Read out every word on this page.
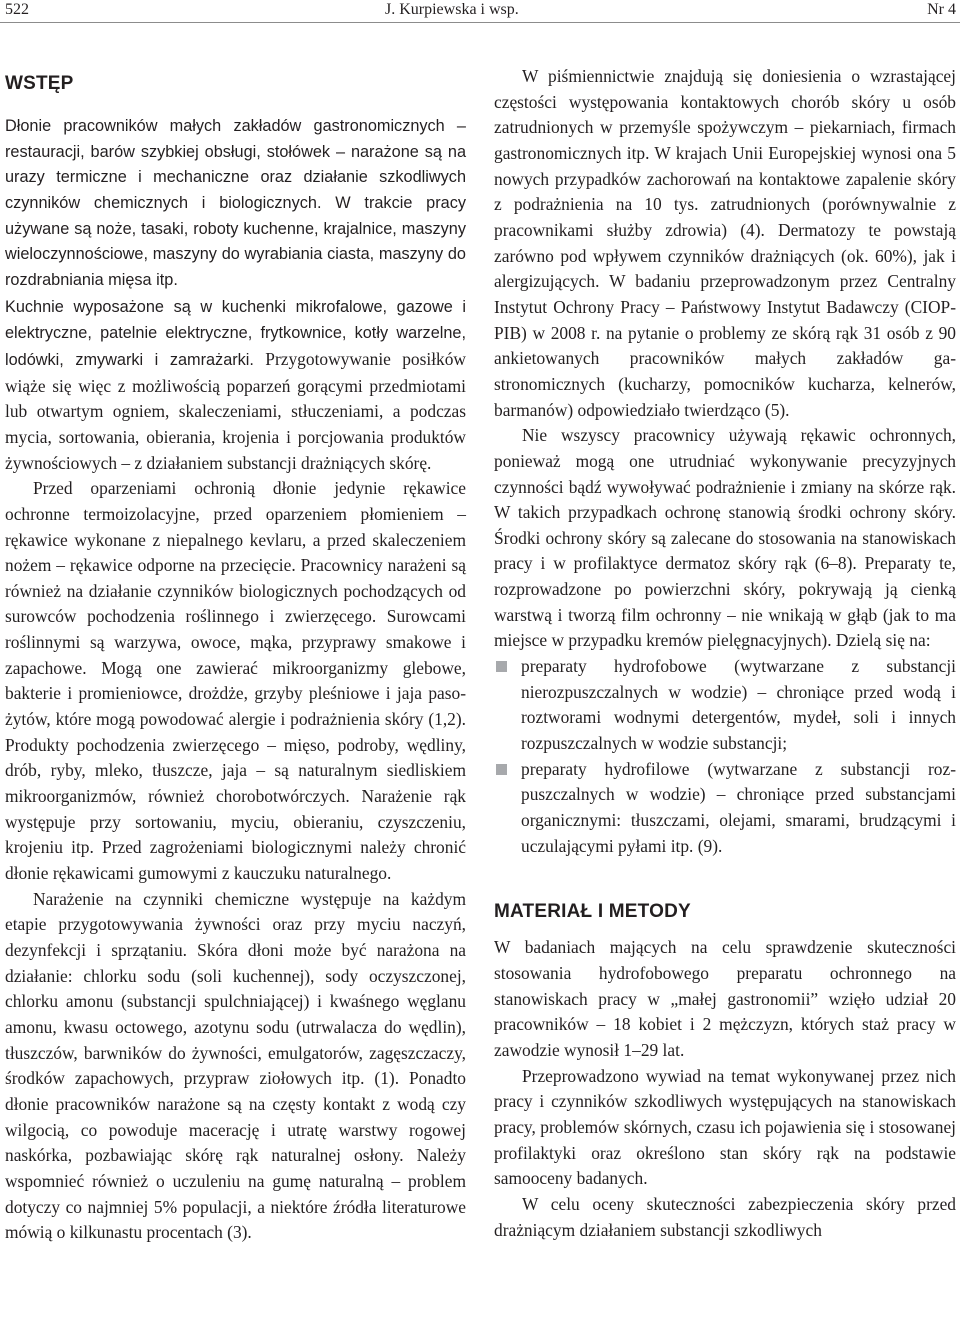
522	J. Kurpiewska i wsp.	Nr 4
WSTĘP

Dłonie pracowników małych zakładów gastronomicznych – restauracji, barów szybkiej obsługi, stołówek – narażone są na urazy termiczne i mechaniczne oraz działanie szkodliwych czynników chemicznych i biologicznych. W trakcie pracy używane są noże, tasaki, roboty kuchenne, krajalnice, maszyny wieloczynnościowe, maszyny do wyrabiania ciasta, maszyny do rozdrabniania mięsa itp.

Kuchnie wyposażone są w kuchenki mikrofalowe, gazowe i elektryczne, patelnie elektryczne, frytkownice, kotły warzelne, lodówki, zmywarki i zamrażarki. Przygotowywanie posiłków wiąże się więc z możliwością poparzeń gorącymi przedmiotami lub otwartym ogniem, skaleczeniami, stłuczeniami, a podczas mycia, sortowania, obierania, krojenia i porcjowania produktów żywnościowych – z działaniem substancji drażniących skórę.

Przed oparzeniami ochronią dłonie jedynie rękawice ochronne termoizolacyjne, przed oparzeniem płomieniem – rękawice wykonane z niepalnego kevlaru, a przed skaleczeniem nożem – rękawice odporne na przecięcie. Pracownicy narażeni są również na działanie czynników biologicznych pochodzących od surowców pochodzenia roślinnego i zwierzęcego. Surowcami roślinnymi są warzywa, owoce, mąka, przyprawy smakowe i zapachowe. Mogą one zawierać mikroorganizmy glebowe, bakterie i promieniowce, drożdże, grzyby pleśniowe i jaja pasożytów, które mogą powodować alergie i podrażnienia skóry (1,2). Produkty pochodzenia zwierzęcego – mięso, podroby, wędliny, drób, ryby, mleko, tłuszcze, jaja – są naturalnym siedliskiem mikroorganizmów, również chorobotwórczych. Narażenie rąk występuje przy sortowaniu, myciu, obieraniu, czyszczeniu, krojeniu itp. Przed zagrożeniami biologicznymi należy chronić dłonie rękawicami gumowymi z kauczuku naturalnego.

Narażenie na czynniki chemiczne występuje na każdym etapie przygotowywania żywności oraz przy myciu naczyń, dezynfekcji i sprzątaniu. Skóra dłoni może być narażona na działanie: chlorku sodu (soli kuchennej), sody oczyszczonej, chlorku amonu (substancji spulchniającej) i kwaśnego węglanu amonu, kwasu octowego, azotynu sodu (utrwalacza do wędlin), tłuszczów, barwników do żywności, emulgatorów, zagęszczaczy, środków zapachowych, przypraw ziołowych itp. (1). Ponadto dłonie pracowników narażone są na częsty kontakt z wodą czy wilgocią, co powoduje macerację i utratę warstwy rogowej naskórka, pozbawiając skórę rąk naturalnej osłony. Należy wspomnieć również o uczuleniu na gumę naturalną – problem dotyczy co najmniej 5% populacji, a niektóre źródła literaturowe mówią o kilkunastu procentach (3).

W piśmiennictwie znajdują się doniesienia o wzrastającej częstości występowania kontaktowych chorób skóry u osób zatrudnionych w przemyśle spożywczym – piekarniach, firmach gastronomicznych itp. W krajach Unii Europejskiej wynosi ona 5 nowych przypadków zachorowań na kontaktowe zapalenie skóry z podrażnienia na 10 tys. zatrudnionych (porównywalnie z pracownikami służby zdrowia) (4). Dermatozy te powstają zarówno pod wpływem czynników drażniących (ok. 60%), jak i alergizujących. W badaniu przeprowadzonym przez Centralny Instytut Ochrony Pracy – Państwowy Instytut Badawczy (CIOP-PIB) w 2008 r. na pytanie o problemy ze skórą rąk 31 osób z 90 ankietowanych pracowników małych zakładów gastronomicznych (kucharzy, pomocników kucharza, kelnerów, barmanów) odpowiedziało twierdząco (5).

Nie wszyscy pracownicy używają rękawic ochronnych, ponieważ mogą one utrudniać wykonywanie precyzyjnych czynności bądź wywoływać podrażnienie i zmiany na skórze rąk. W takich przypadkach ochronę stanowią środki ochrony skóry. Środki ochrony skóry są zalecane do stosowania na stanowiskach pracy i w profilaktyce dermatoz skóry rąk (6–8). Preparaty te, rozprowadzone po powierzchni skóry, pokrywają ją cienką warstwą i tworzą film ochronny – nie wnikają w głąb (jak to ma miejsce w przypadku kremów pielęgnacyjnych). Dzielą się na:

preparaty hydrofobowe (wytwarzane z substancji nierozpuszczalnych w wodzie) – chroniące przed wodą i roztworami wodnymi detergentów, mydeł, soli i innych rozpuszczalnych w wodzie substancji;
preparaty hydrofilowe (wytwarzane z substancji rozpuszczalnych w wodzie) – chroniące przed substancjami organicznymi: tłuszczami, olejami, smarami, brudzącymi i uczulającymi pyłami itp. (9).
MATERIAŁ I METODY

W badaniach mających na celu sprawdzenie skuteczności stosowania hydrofobowego preparatu ochronnego na stanowiskach pracy w „małej gastronomii” wzięło udział 20 pracowników – 18 kobiet i 2 mężczyzn, których staż pracy w zawodzie wynosił 1–29 lat.

Przeprowadzono wywiad na temat wykonywanej przez nich pracy i czynników szkodliwych występujących na stanowiskach pracy, problemów skórnych, czasu ich pojawienia się i stosowanej profilaktyki oraz określono stan skóry rąk na podstawie samooceny badanych.

W celu oceny skuteczności zabezpieczenia skóry przed drażniącym działaniem substancji szkodliwych
